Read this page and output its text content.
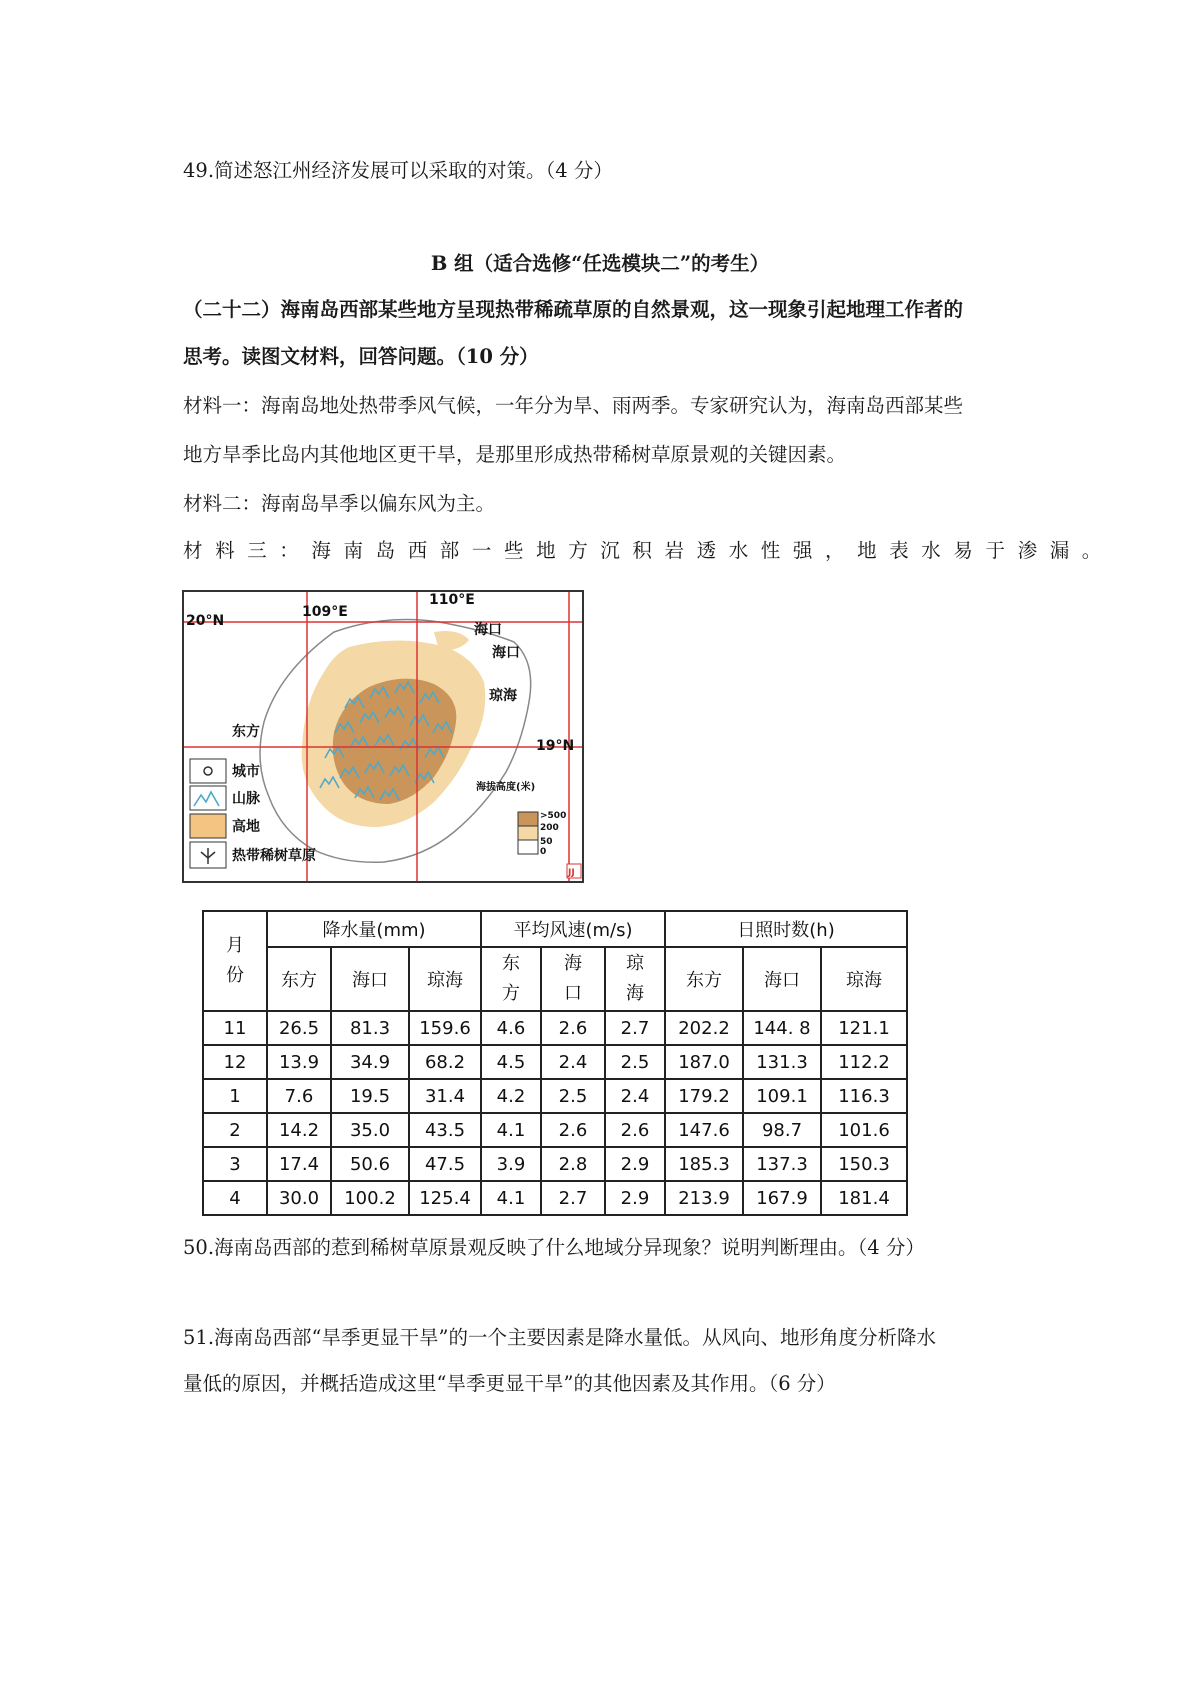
49.简述怒江州经济发展可以采取的对策。（4 分）
B 组（适合选修“任选模块二”的考生）
（二十二）海南岛西部某些地方呈现热带稀疏草原的自然景观，这一现象引起地理工作者的
思考。读图文材料，回答问题。（10 分）
材料一：海南岛地处热带季风气候，一年分为旱、雨两季。专家研究认为，海南岛西部某些
地方旱季比岛内其他地区更干旱，是那里形成热带稀树草原景观的关键因素。
材料二：海南岛旱季以偏东风为主。
材料三：海南岛西部一些地方沉积岩透水性强，地表水易于渗漏。
109°E
110°E
20°N
19°N
海口
海口
琼海
东方
城市
山脉
高地
热带稀树草原
海拔高度(米)
>500
200
50
0
JJ
月份	降水量(mm)			平均风速(m/s)			日照时数(h)		
	东方	海口	琼海	东方	海口	琼海	东方	海口	琼海
11	26.5	81.3	159.6	4.6	2.6	2.7	202.2	144. 8	121.1
12	13.9	34.9	68.2	4.5	2.4	2.5	187.0	131.3	112.2
1	7.6	19.5	31.4	4.2	2.5	2.4	179.2	109.1	116.3
2	14.2	35.0	43.5	4.1	2.6	2.6	147.6	98.7	101.6
3	17.4	50.6	47.5	3.9	2.8	2.9	185.3	137.3	150.3
4	30.0	100.2	125.4	4.1	2.7	2.9	213.9	167.9	181.4
50.海南岛西部的惹到稀树草原景观反映了什么地域分异现象？说明判断理由。（4 分）
51.海南岛西部“旱季更显干旱”的一个主要因素是降水量低。从风向、地形角度分析降水
量低的原因，并概括造成这里“旱季更显干旱”的其他因素及其作用。（6 分）
